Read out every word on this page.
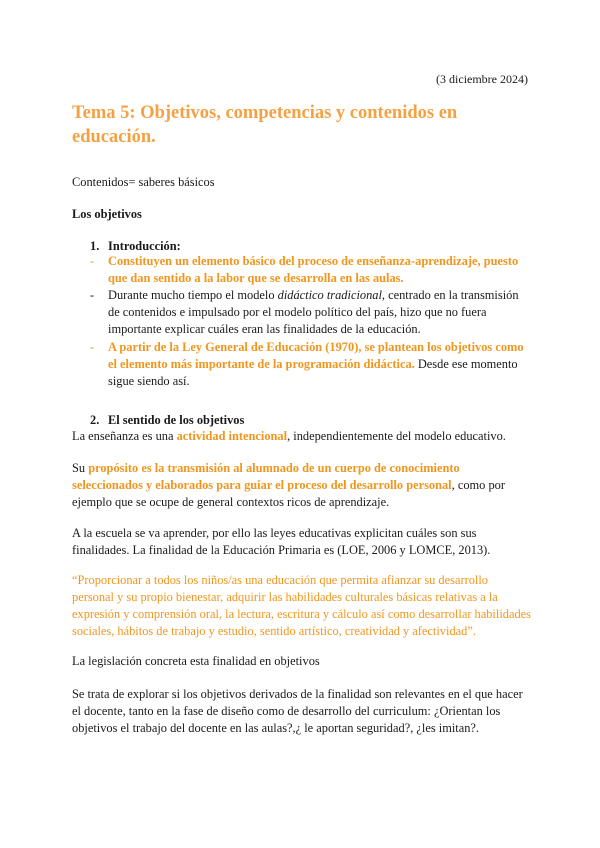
(3 diciembre 2024)
Tema 5: Objetivos, competencias y contenidos en educación.

Contenidos= saberes básicos

Los objetivos

1. Introducción:

- Constituyen un elemento básico del proceso de enseñanza-aprendizaje, puesto que dan sentido a la labor que se desarrolla en las aulas.
- Durante mucho tiempo el modelo didáctico tradicional, centrado en la transmisión de contenidos e impulsado por el modelo político del país, hizo que no fuera importante explicar cuáles eran las finalidades de la educación.
- A partir de la Ley General de Educación (1970), se plantean los objetivos como el elemento más importante de la programación didáctica. Desde ese momento sigue siendo así.

2. El sentido de los objetivos

La enseñanza es una actividad intencional, independientemente del modelo educativo.

Su propósito es la transmisión al alumnado de un cuerpo de conocimiento seleccionados y elaborados para guiar el proceso del desarrollo personal, como por ejemplo que se ocupe de general contextos ricos de aprendizaje.

A la escuela se va aprender, por ello las leyes educativas explicitan cuáles son sus finalidades. La finalidad de la Educación Primaria es (LOE, 2006 y LOMCE, 2013).

“Proporcionar a todos los niños/as una educación que permita afianzar su desarrollo personal y su propio bienestar, adquirir las habilidades culturales básicas relativas a la expresión y comprensión oral, la lectura, escritura y cálculo así como desarrollar habilidades sociales, hábitos de trabajo y estudio, sentido artístico, creatividad y afectividad”.

La legislación concreta esta finalidad en objetivos

Se trata de explorar si los objetivos derivados de la finalidad son relevantes en el que hacer el docente, tanto en la fase de diseño como de desarrollo del curriculum: ¿Orientan los objetivos el trabajo del docente en las aulas?,¿ le aportan seguridad?, ¿les imitan?.
